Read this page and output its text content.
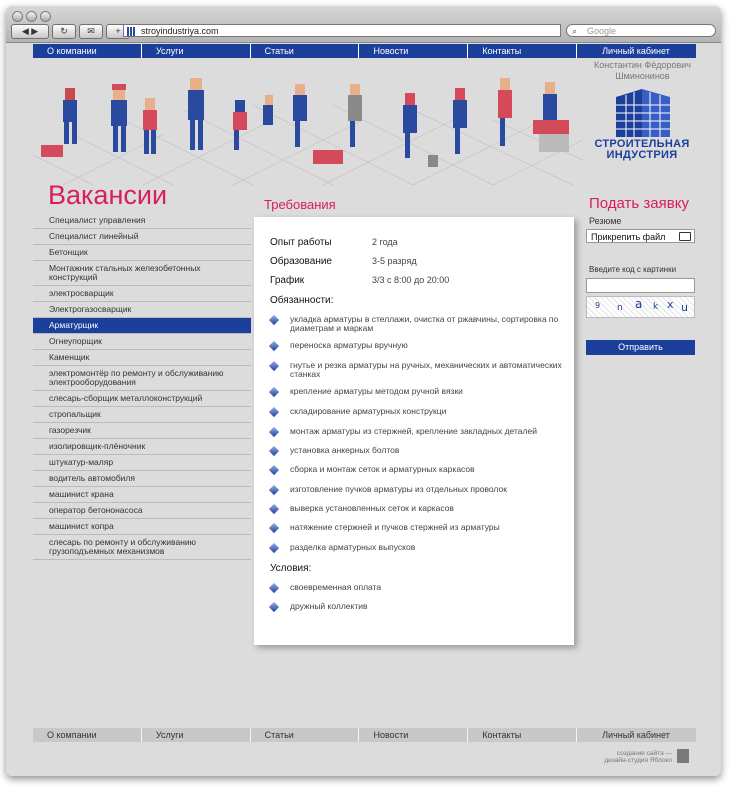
◀ ▶	↻	✉	+	stroyindustriya.com	⌕ Google
О компании	Услуги	Статьи	Новости	Контакты	Личный кабинет
Константин Фёдорович Шминонинов
СТРОИТЕЛЬНАЯ
ИНДУСТРИЯ
Вакансии
Специалист управления
Специалист линейный
Бетонщик
Монтажник стальных железобетонных конструкций
электросварщик
Электрогазосварщик
Арматурщик
Огнеупорщик
Каменщик
электромонтёр по ремонту и обслуживанию электрооборудования
слесарь-сборщик металлоконструкций
стропальщик
газорезчик
изолировщик-плёночник
штукатур-маляр
водитель автомобиля
машинист крана
оператор бетононасоса
машинист копра
слесарь по ремонту и обслуживанию грузоподъемных механизмов
Требования
Опыт работы	2 года
Образование	3-5 разряд
График	3/3 с 8:00 до 20:00
Обязанности:
укладка арматуры в стеллажи, очистка от ржавчины, сортировка по диаметрам и маркам
переноска арматуры вручную
гнутье и резка арматуры на ручных, механических и автоматических станках
крепление арматуры методом ручной вязки
складирование арматурных конструкци
монтаж арматуры из стержней, крепление закладных деталей
установка анкерных болтов
сборка и монтаж сеток и арматурных каркасов
изготовление пучков арматуры из отдельных проволок
выверка установленных сеток и каркасов
натяжение стержней и пучков стержней из арматуры
разделка арматурных выпусков
Условия:
своевременная оплата
дружный коллектив
Подать заявку
Резюме
Прикрепить файл
Введите код с картинки
9 n a k x u
Отправить
О компании	Услуги	Статьи	Новости	Контакты	Личный кабинет
создание сайта — дизайн-студия Яблоко
